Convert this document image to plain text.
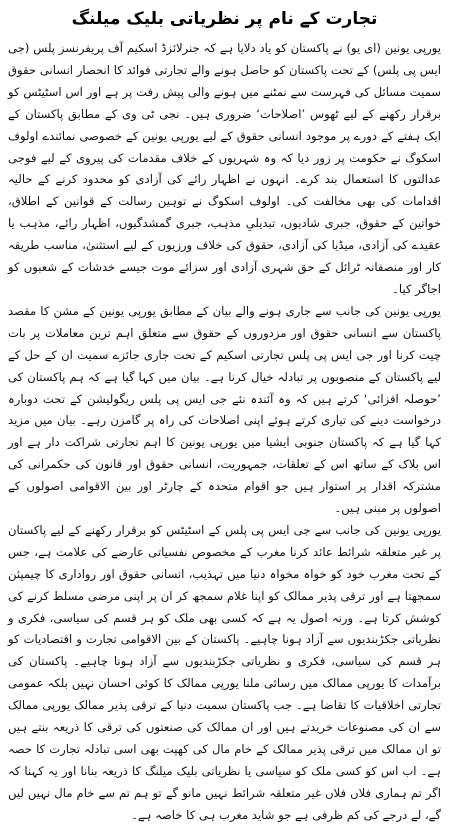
تجارت کے نام پر نظریاتی بلیک میلنگ

یورپی یونین (ای یو) نے پاکستان کو یاد دلایا ہے کہ جنرلائزڈ اسکیم آف پریفرنسز پلس (جی ایس پی پلس) کے تحت پاکستان کو حاصل ہونے والے تجارتی فوائد کا انحصار انسانی حقوق سمیت مسائل کی فہرست سے نمٹنے میں ہونے والی پیش رفت پر ہے اور اس اسٹیٹس کو برقرار رکھنے کے لیے ٹھوس ’اصلاحات‘ ضروری ہیں۔ نجی ٹی وی کے مطابق پاکستان کے ایک ہفتے کے دورے پر موجود انسانی حقوق کے لیے یورپی یونین کے خصوصی نمائندے اولوف اسکوگ نے حکومت پر زور دیا کہ وہ شہریوں کے خلاف مقدمات کی پیروی کے لیے فوجی عدالتوں کا استعمال بند کرے۔ انہوں نے اظہار رائے کی آزادی کو محدود کرنے کے حالیہ اقدامات کی بھی مخالفت کی۔ اولوف اسکوگ نے توہین رسالت کے قوانین کے اطلاق، خواتین کے حقوق، جبری شادیوں، تبدیلیِ مذہب، جبری گمشدگیوں، اظہار رائے، مذہب یا عقیدے کی آزادی، میڈیا کی آزادی، حقوق کی خلاف ورزیوں کے لیے استثنیٰ، مناسب طریقہ کار اور منصفانہ ٹرائل کے حق شہری آزادی اور سزائے موت جیسے خدشات کے شعبوں کو اجاگر کیا۔

یورپی یونین کی جانب سے جاری ہونے والے بیان کے مطابق یورپی یونین کے مشن کا مقصد پاکستان سے انسانی حقوق اور مزدوروں کے حقوق سے متعلق اہم ترین معاملات پر بات چیت کرنا اور جی ایس پی پلس تجارتی اسکیم کے تحت جاری جائزے سمیت ان کے حل کے لیے پاکستان کے منصوبوں پر تبادلہ خیال کرنا ہے۔ بیان میں کہا گیا ہے کہ ہم پاکستان کی ’حوصلہ افزائی‘ کرتے ہیں کہ وہ آئندہ نئے جی ایس پی پلس ریگولیشن کے تحت دوبارہ درخواست دینے کی تیاری کرتے ہوئے اپنی اصلاحات کی راہ پر گامزن رہے۔ بیان میں مزید کہا گیا ہے کہ پاکستان جنوبی ایشیا میں یورپی یونین کا اہم تجارتی شراکت دار ہے اور اس بلاک کے ساتھ اس کے تعلقات، جمہوریت، انسانی حقوق اور قانون کی حکمرانی کی مشترکہ اقدار پر استوار ہیں جو اقوام متحدہ کے چارٹر اور بین الاقوامی اصولوں کے اصولوں پر مبنی ہیں۔

یورپی یونین کی جانب سے جی ایس پی پلس کے اسٹیٹس کو برقرار رکھنے کے لیے پاکستان پر غیر متعلقہ شرائط عائد کرنا مغرب کے مخصوص نفسیاتی عارضے کی علامت ہے، جس کے تحت مغرب خود کو خواہ مخواہ دنیا میں تہذیب، انسانی حقوق اور رواداری کا چیمپئن سمجھتا ہے اور ترقی پذیر ممالک کو اپنا غلام سمجھ کر ان پر اپنی مرضی مسلط کرنے کی کوشش کرتا ہے۔ ورنہ اصول یہ ہے کہ کسی بھی ملک کو ہر قسم کی سیاسی، فکری و نظریاتی جکڑبندیوں سے آزاد ہونا چاہیے۔ پاکستان کے بین الاقوامی تجارت و اقتصادیات کو ہر قسم کی سیاسی، فکری و نظریاتی جکڑبندیوں سے آزاد ہونا چاہیے۔ پاکستان کی برآمدات کا یورپی ممالک میں رسائی ملنا یورپی ممالک کا کوئی احسان نہیں بلکہ عمومی تجارتی اخلاقیات کا تقاضا ہے۔ جب پاکستان سمیت دنیا کے ترقی پذیر ممالک یورپی ممالک سے ان کی مصنوعات خریدتے ہیں اور ان ممالک کی صنعتوں کی ترقی کا ذریعہ بنتے ہیں تو ان ممالک میں ترقی پذیر ممالک کے خام مال کی کھپت بھی اسی تبادلہ تجارت کا حصہ ہے۔ اب اس کو کسی ملک کو سیاسی یا نظریاتی بلیک میلنگ کا ذریعہ بنانا اور یہ کہنا کہ اگر تم ہماری فلاں فلاں غیر متعلقہ شرائط نہیں مانو گے تو ہم تم سے خام مال نہیں لیں گے، لے درجے کی کم ظرفی ہے جو شاید مغرب ہی کا خاصہ ہے۔
